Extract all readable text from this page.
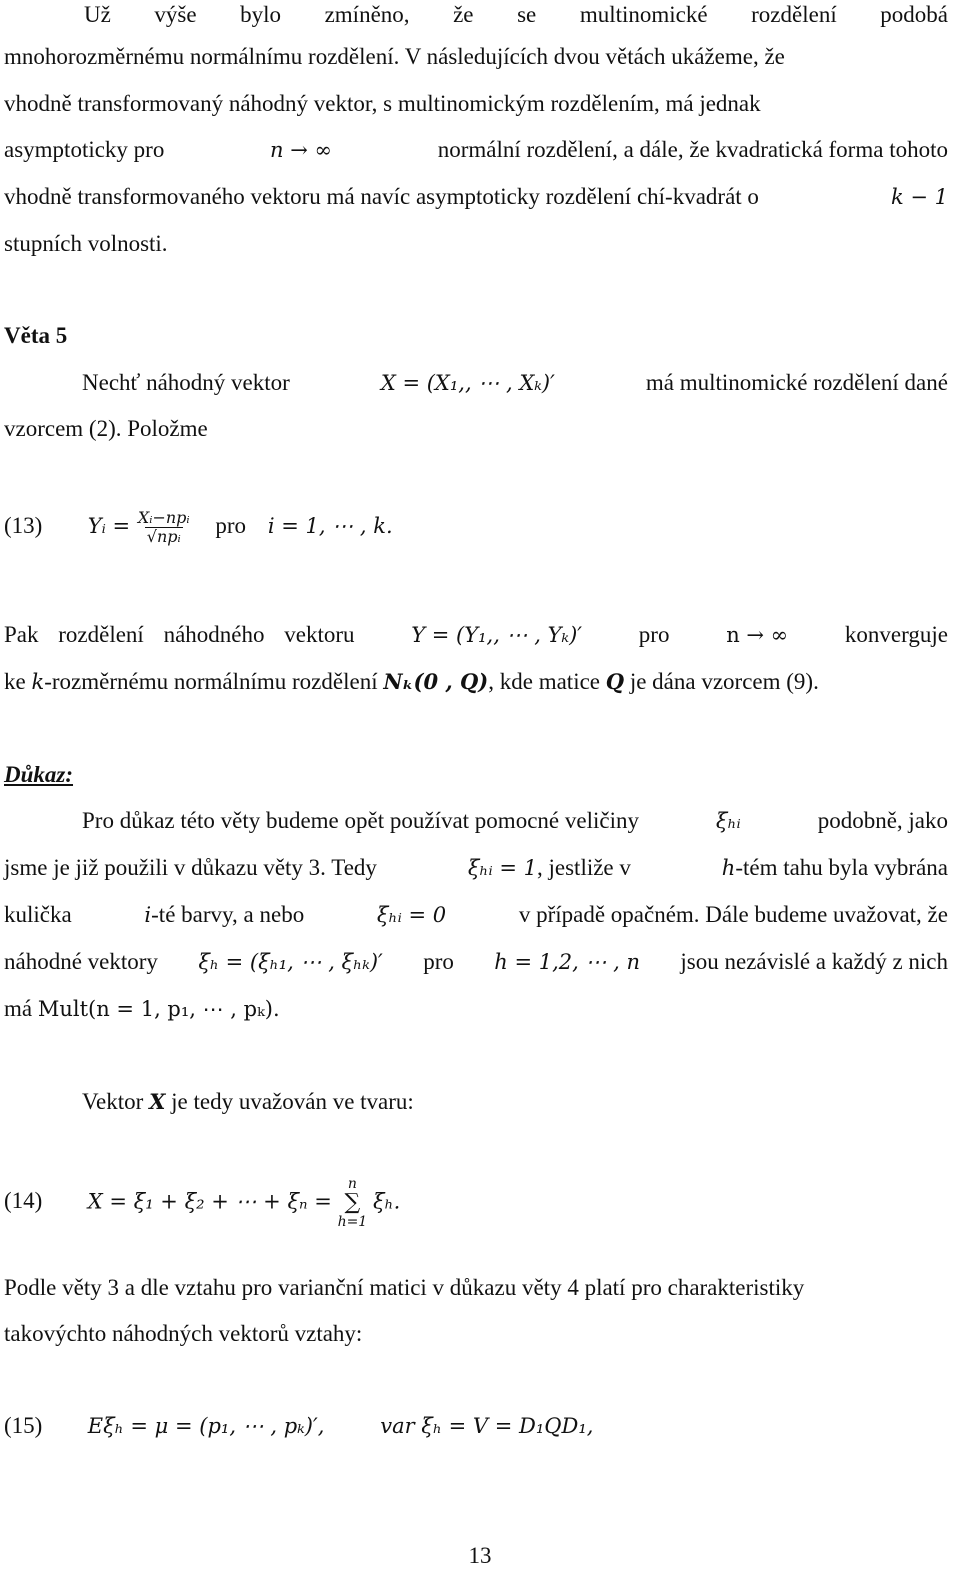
Už výše bylo zmíněno, že se multinomické rozdělení podobá
mnohorozměrnému normálnímu rozdělení. V následujících dvou větách ukážeme, že
vhodně transformovaný náhodný vektor, s multinomickým rozdělením, má jednak
asymptoticky pro	n → ∞	normální rozdělení, a dále, že kvadratická forma tohoto
vhodně transformovaného vektoru má navíc asymptoticky rozdělení chí-kvadrát o	k − 1
stupních volnosti.
Věta 5
Nechť náhodný vektor	X = (X₁,, ⋯ , Xₖ)′	má multinomické rozdělení dané
vzorcem (2). Položme
(13) Yᵢ = $\frac{\text{Xᵢ−npᵢ}}{\text{√npᵢ}}$ pro i = 1, ⋯ , k.
Pak rozdělení náhodného vektoru	Y = (Y₁,, ⋯ , Yₖ)′ pro	n → ∞ konverguje
ke k-rozměrnému normálnímu rozdělení Nₖ(0 , Q), kde matice Q je dána vzorcem (9).
Důkaz:
Pro důkaz této věty budeme opět používat pomocné veličiny	ξₕᵢ	podobně, jako
jsme je již použili v důkazu věty 3. Tedy	ξₕᵢ = 1, jestliže v	h-tém tahu byla vybrána
kulička	i-té barvy, a nebo	ξₕᵢ = 0	v případě opačném. Dále budeme uvažovat, že
náhodné vektory ξₕ = (ξₕ₁, ⋯ , ξₕₖ)′ pro h = 1,2, ⋯ , n jsou nezávislé a každý z nich
má Mult(n = 1, p₁, ⋯ , pₖ).
Vektor X je tedy uvažován ve tvaru:
(14) X = ξ₁ + ξ₂ + ⋯ + ξₙ =
n
∑
h=1
ξₕ.
Podle věty 3 a dle vztahu pro varianční matici v důkazu věty 4 platí pro charakteristiky
takovýchto náhodných vektorů vztahy:
(15) Eξₕ = μ = (p₁, ⋯ , pₖ)′,	var ξₕ = V = D₁QD₁,
13
